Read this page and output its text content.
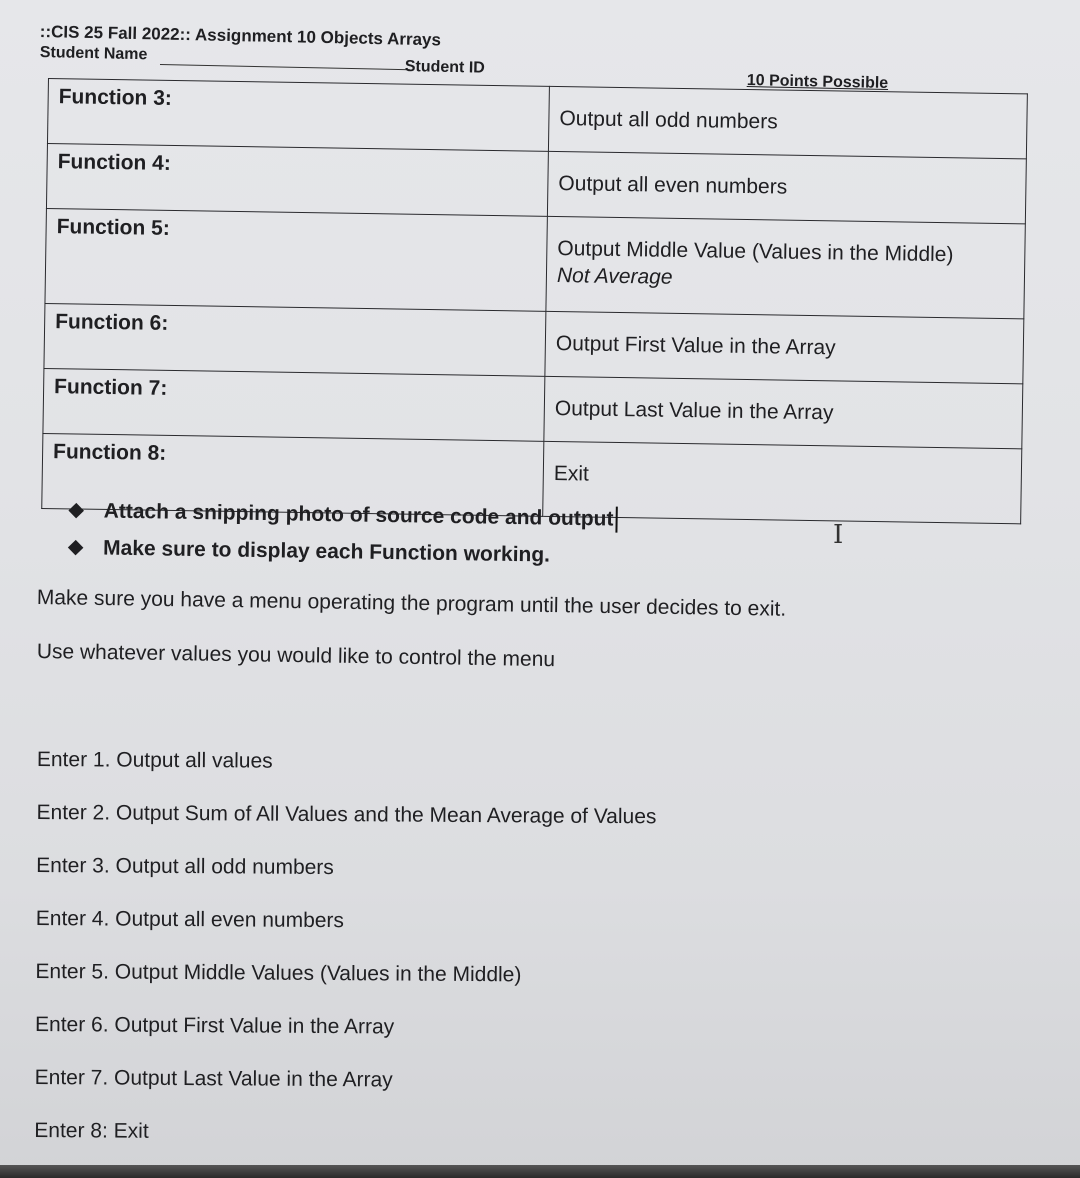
::CIS 25 Fall 2022:: Assignment 10 Objects Arrays
Student Name
Student ID
10 Points Possible
Function 3:	Output all odd numbers
Function 4:	Output all even numbers
Function 5:	Output Middle Value (Values in the Middle)
Not Average

Function 6:	Output First Value in the Array
Function 7:	Output Last Value in the Array
Function 8:	Exit
Attach a snipping photo of source code and output
Make sure to display each Function working.
I
Make sure you have a menu operating the program until the user decides to exit.
Use whatever values you would like to control the menu
Enter 1. Output all values
Enter 2. Output Sum of All Values and the Mean Average of Values
Enter 3. Output all odd numbers
Enter 4. Output all even numbers
Enter 5. Output Middle Values (Values in the Middle)
Enter 6. Output First Value in the Array
Enter 7. Output Last Value in the Array
Enter 8: Exit
